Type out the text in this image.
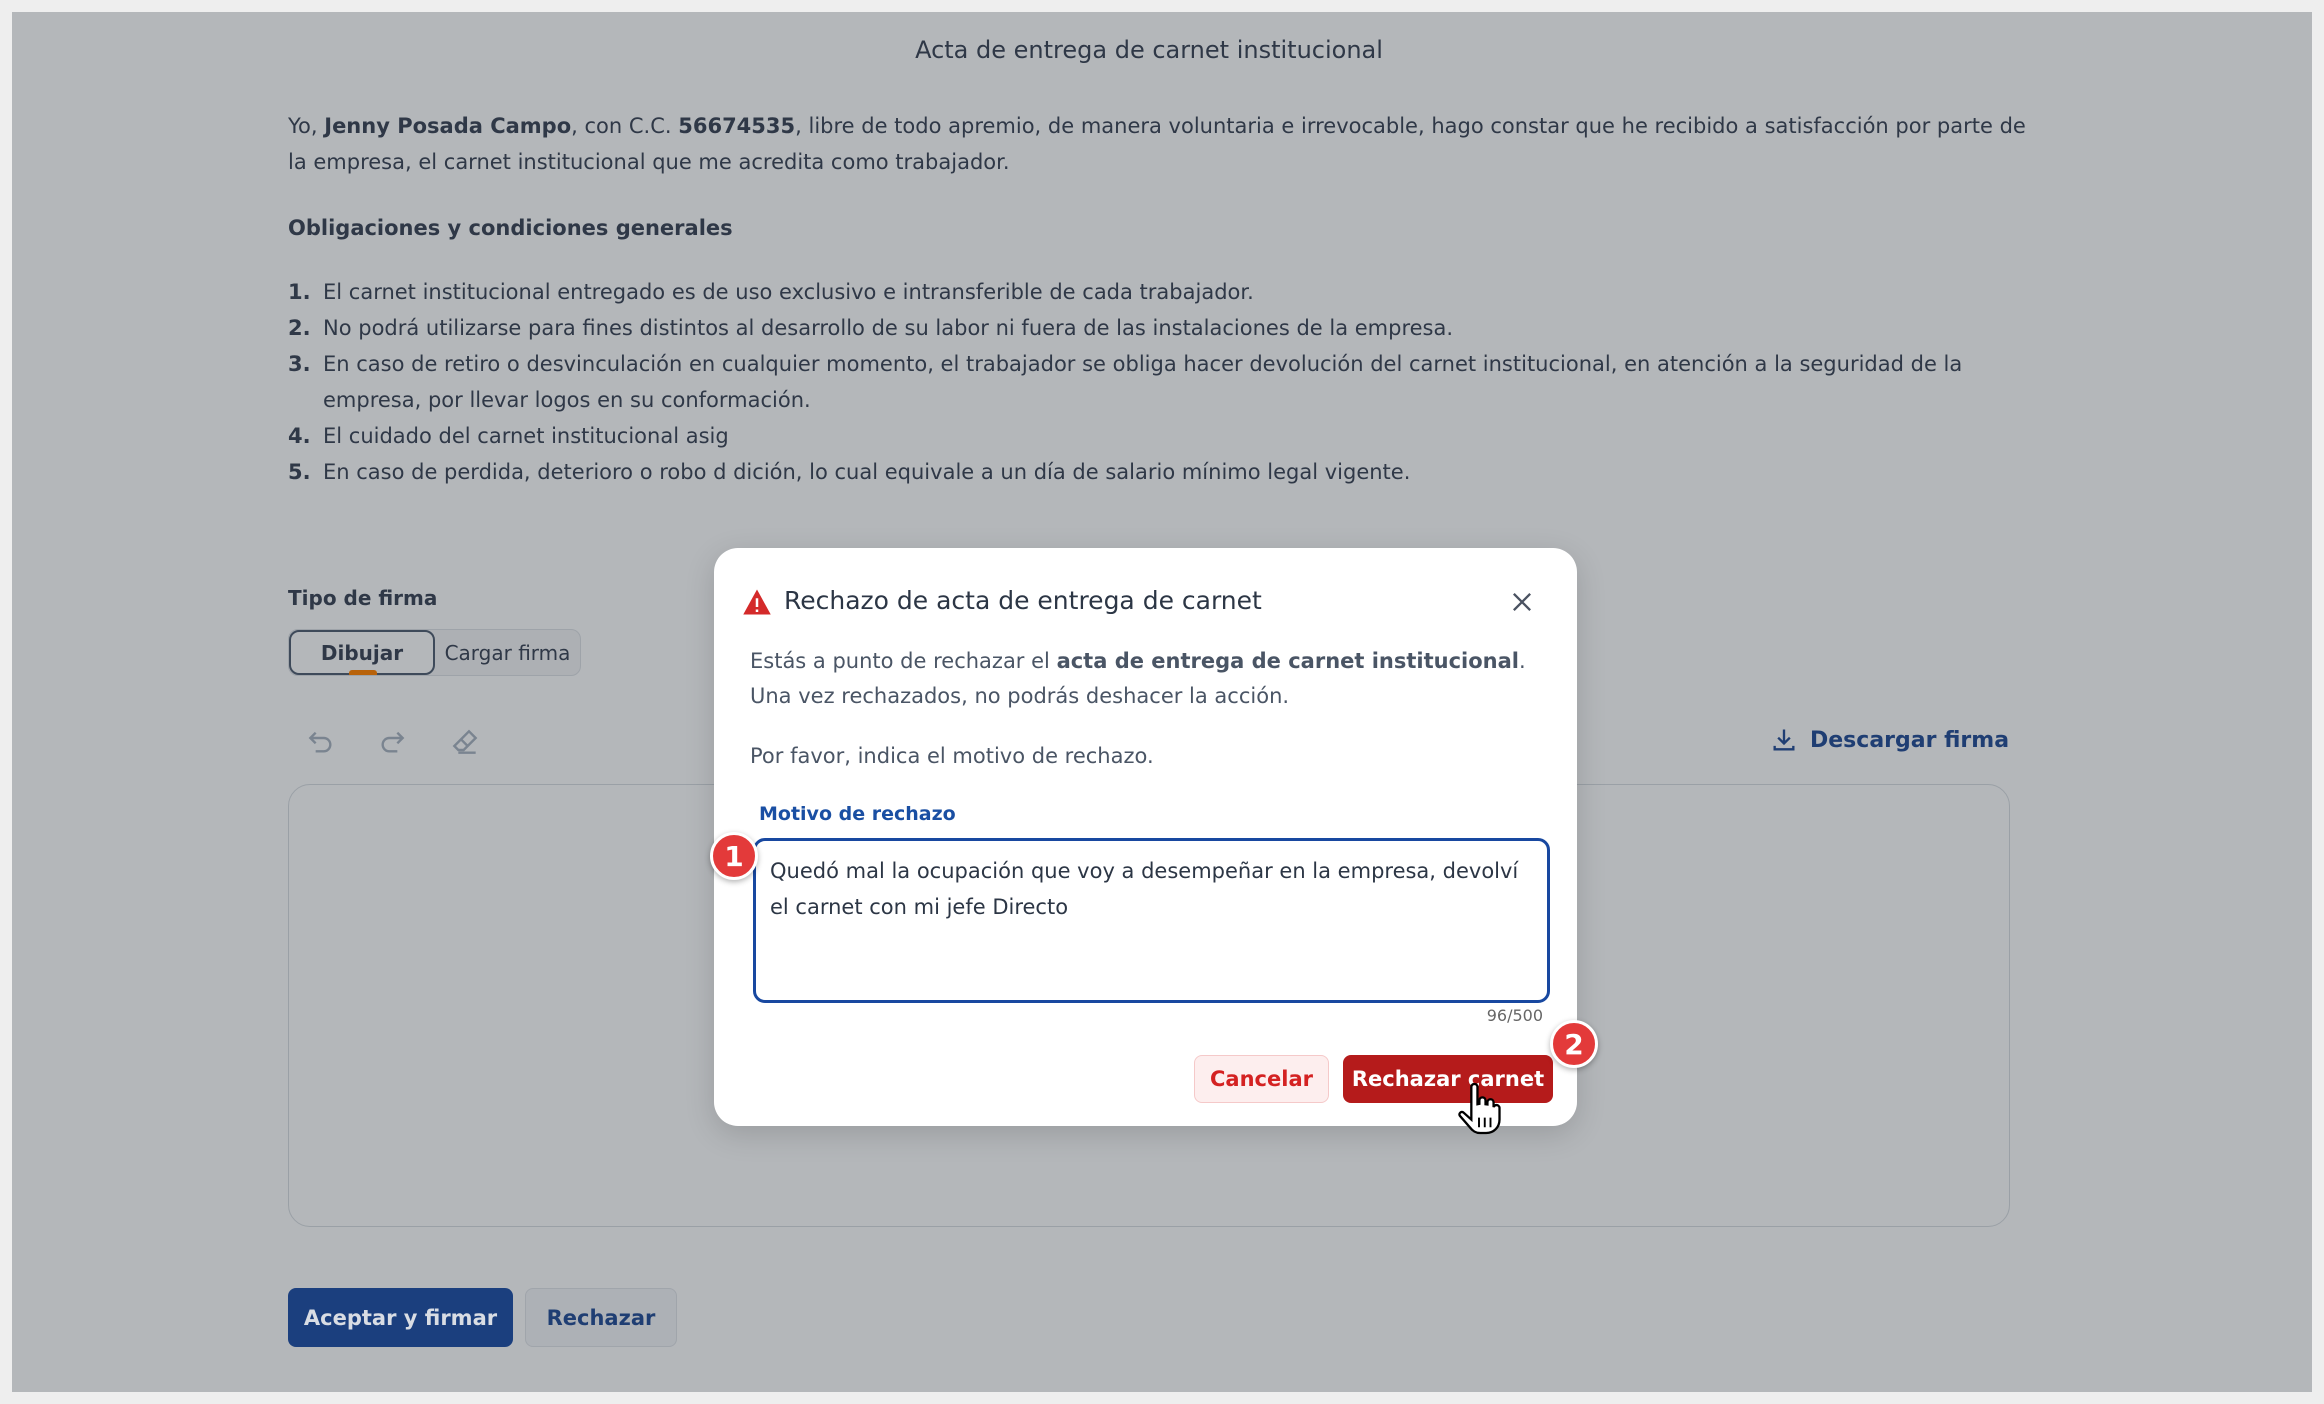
Acta de entrega de carnet institucional
Yo, Jenny Posada Campo, con C.C. 56674535, libre de todo apremio, de manera voluntaria e irrevocable, hago constar que he recibido a satisfacción por parte de la empresa, el carnet institucional que me acredita como trabajador.
Obligaciones y condiciones generales
1. El carnet institucional entregado es de uso exclusivo e intransferible de cada trabajador.
2. No podrá utilizarse para fines distintos al desarrollo de su labor ni fuera de las instalaciones de la empresa.
3. En caso de retiro o desvinculación en cualquier momento, el trabajador se obliga hacer devolución del carnet institucional, en atención a la seguridad de la empresa, por llevar logos en su conformación.
4. El cuidado del carnet institucional asig
5. En caso de perdida, deterioro o robo d dición, lo cual equivale a un día de salario mínimo legal vigente.
Tipo de firma
Dibujar	Cargar firma
Descargar firma
Aceptar y firmar	Rechazar
Rechazo de acta de entrega de carnet
Estás a punto de rechazar el acta de entrega de carnet institucional. Una vez rechazados, no podrás deshacer la acción.
Por favor, indica el motivo de rechazo.
Motivo de rechazo
Quedó mal la ocupación que voy a desempeñar en la empresa, devolví el carnet con mi jefe Directo
96/500
Cancelar	Rechazar carnet
1
2
